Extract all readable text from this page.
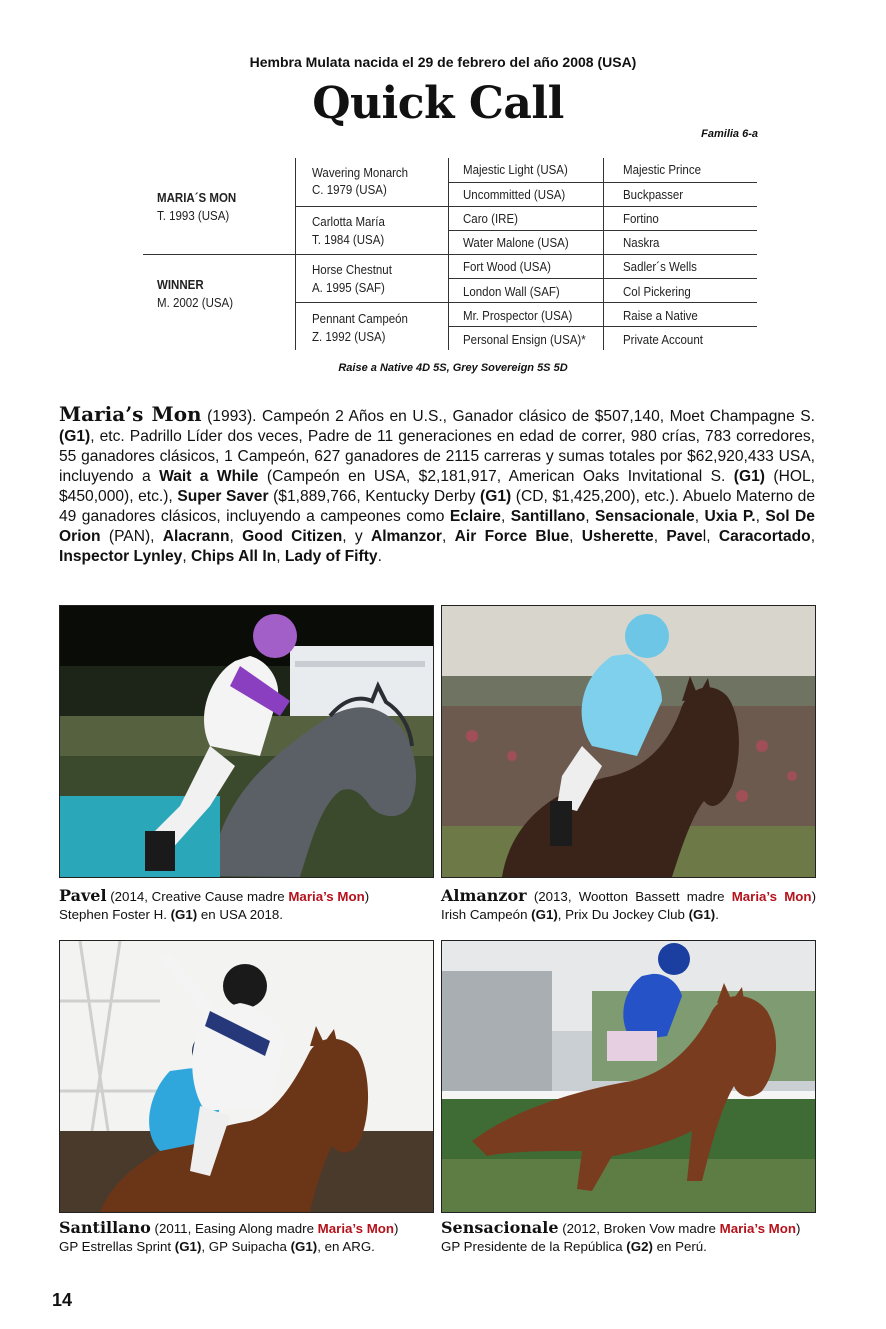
Hembra Mulata nacida el 29 de febrero del año 2008 (USA)
Quick Call
Familia 6-a
MARIA´S MON
T. 1993 (USA)
WINNER
M. 2002 (USA)
Wavering Monarch
C. 1979 (USA)
Carlotta María
T. 1984 (USA)
Horse Chestnut
A. 1995 (SAF)
Pennant Campeón
Z. 1992 (USA)
Majestic Light (USA)
Uncommitted (USA)
Caro (IRE)
Water Malone (USA)
Fort Wood (USA)
London Wall (SAF)
Mr. Prospector (USA)
Personal Ensign (USA)*
Majestic Prince
Buckpasser
Fortino
Naskra
Sadler´s Wells
Col Pickering
Raise a Native
Private Account
Raise a Native 4D 5S, Grey Sovereign 5S 5D
Maria’s Mon (1993). Campeón 2 Años en U.S., Ganador clásico de $507,140, Moet Champagne S. (G1), etc. Padrillo Líder dos veces, Padre de 11 generaciones en edad de correr, 980 crías, 783 corredores, 55 ganadores clásicos, 1 Campeón, 627 ganadores de 2115 carreras y sumas totales por $62,920,433 USA, incluyendo a Wait a While (Campeón en USA, $2,181,917, American Oaks Invitational S. (G1) (HOL, $450,000), etc.), Super Saver ($1,889,766, Kentucky Derby (G1) (CD, $1,425,200), etc.). Abuelo Materno de 49 ganadores clásicos, incluyendo a campeones como Eclaire, Santillano, Sensacionale, Uxia P., Sol De Orion (PAN), Alacrann, Good Citizen, y Almanzor, Air Force Blue, Usherette, Pavel, Caracortado, Inspector Lynley, Chips All In, Lady of Fifty.
Pavel (2014, Creative Cause madre Maria’s Mon)
Stephen Foster H. (G1) en USA 2018.
Almanzor (2013, Wootton Bassett madre Maria’s Mon) Irish Campeón (G1), Prix Du Jockey Club (G1).
Santillano (2011, Easing Along madre Maria’s Mon)
GP Estrellas Sprint (G1), GP Suipacha (G1), en ARG.
Sensacionale (2012, Broken Vow madre Maria’s Mon)
GP Presidente de la República (G2) en Perú.
14
